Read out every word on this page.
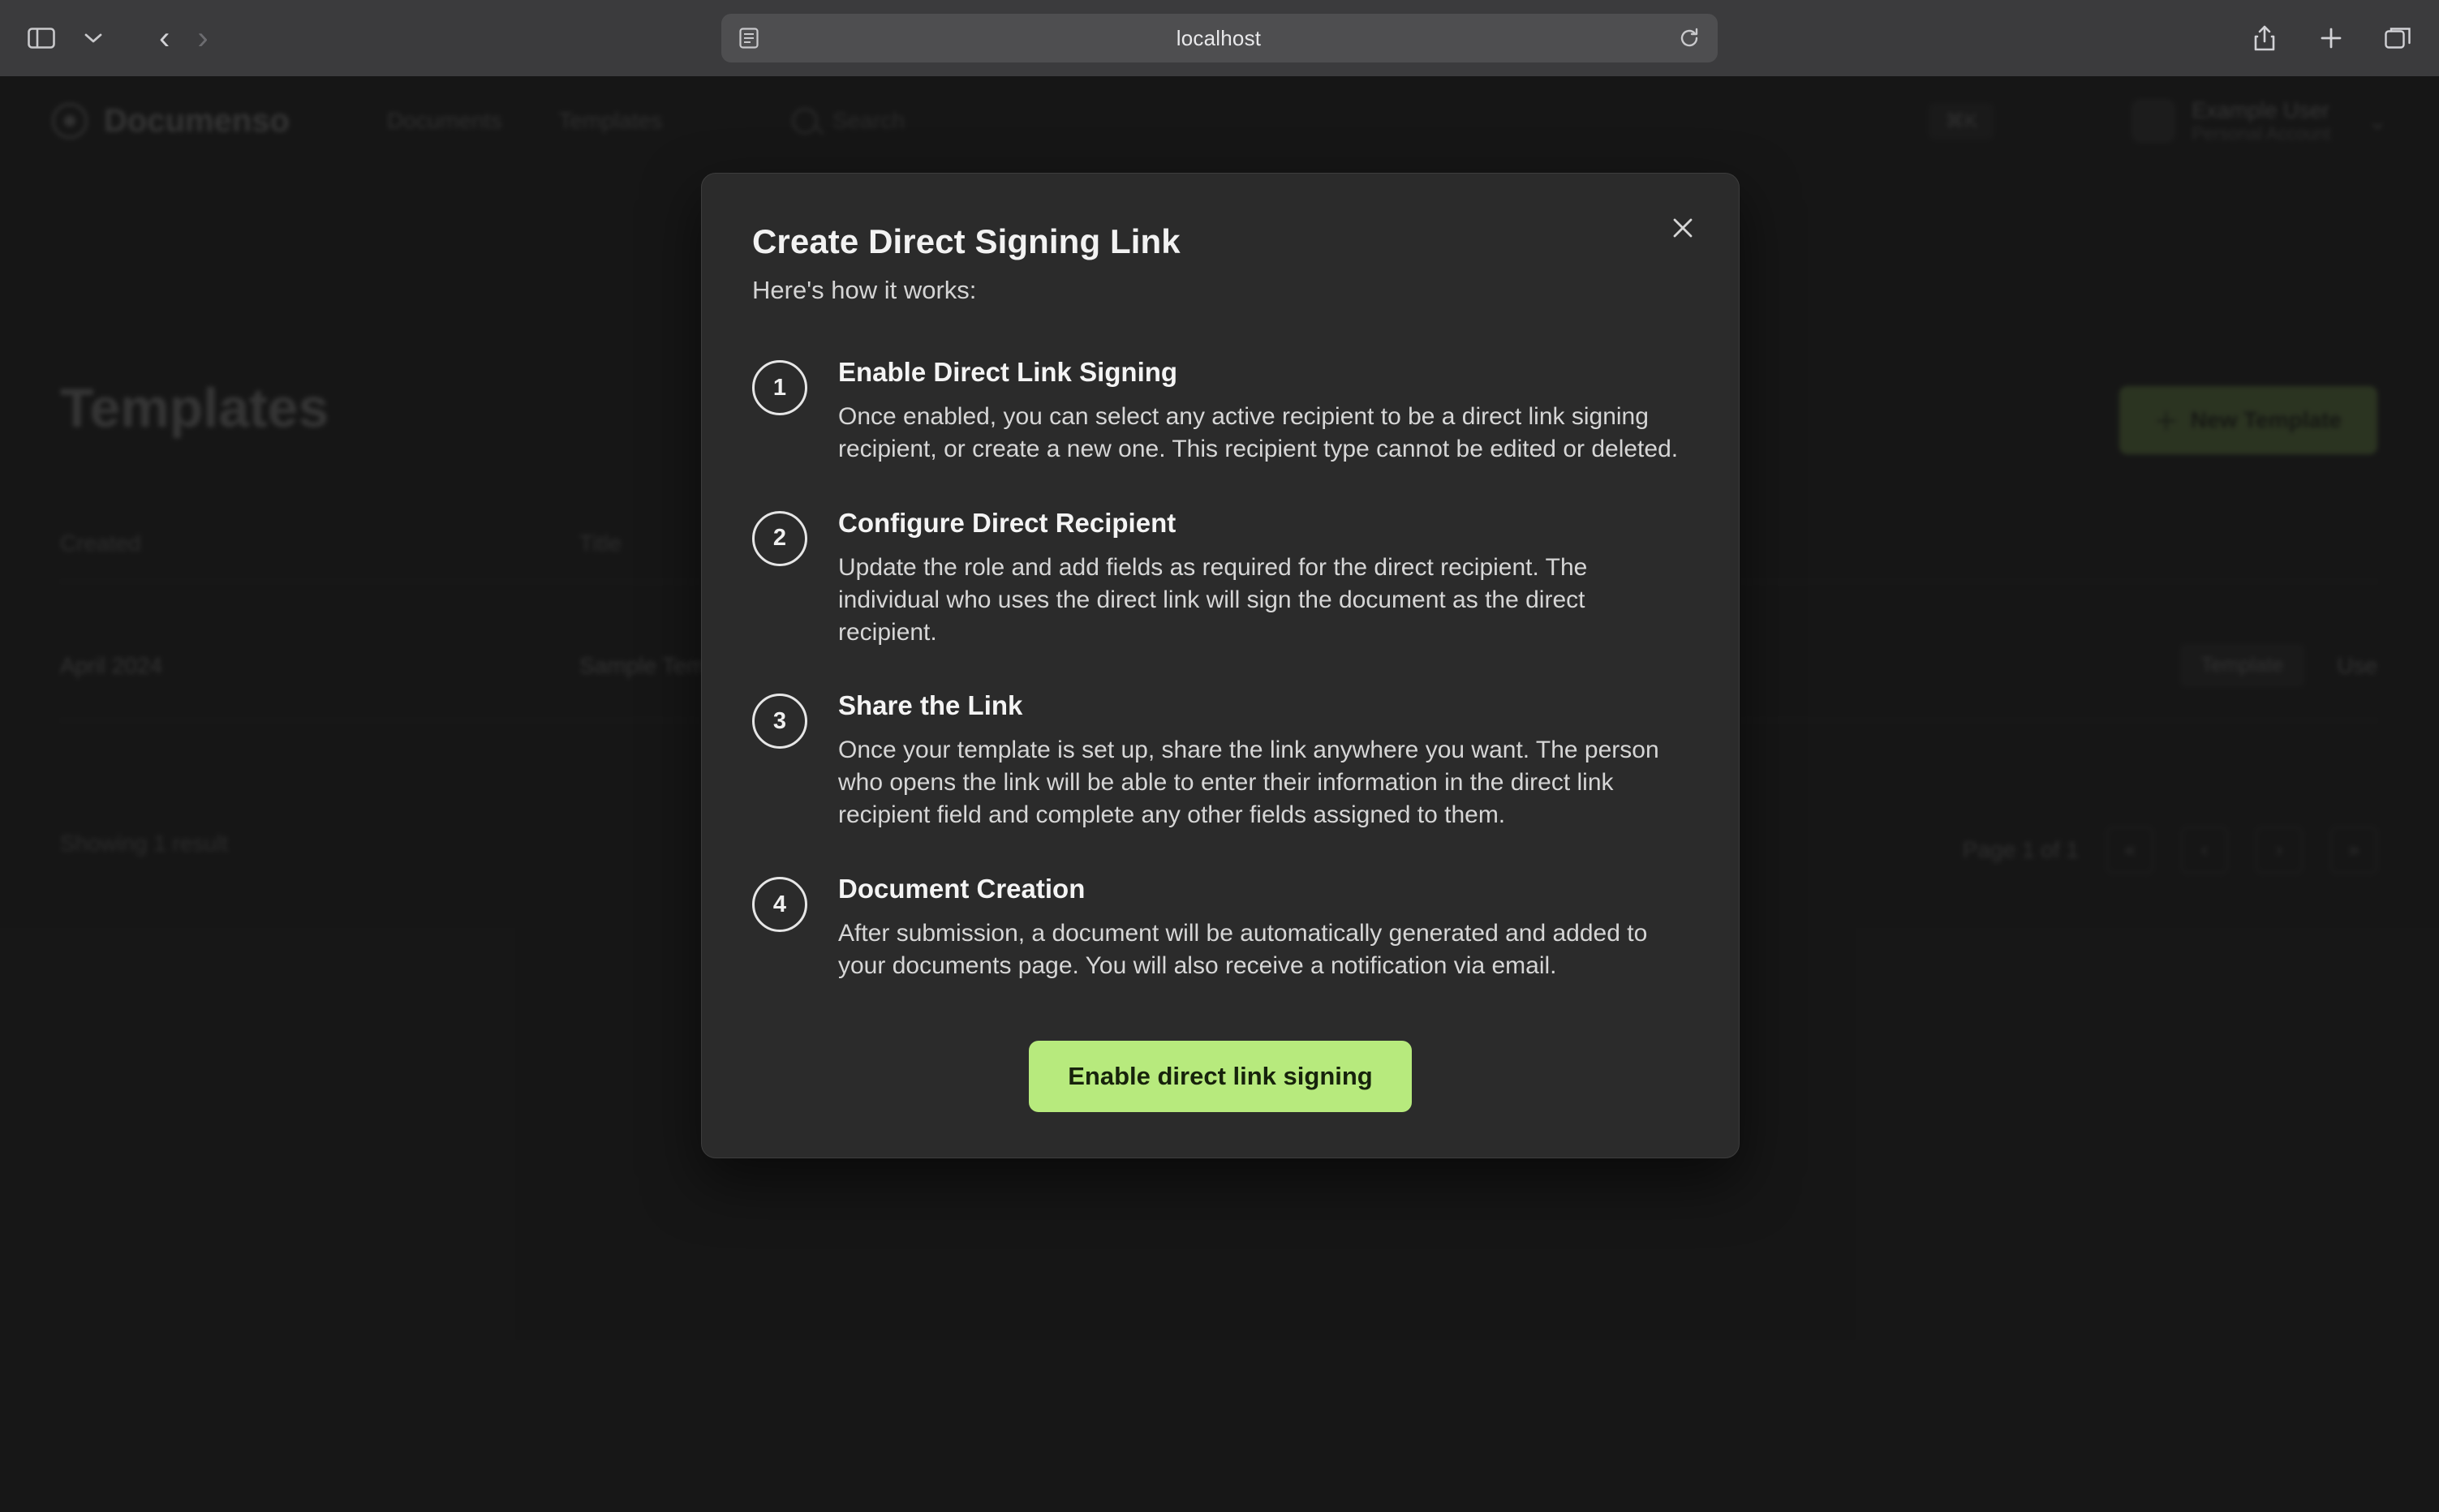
‹ ›	localhost
Create Direct Signing Link

Here's how it works:

1
Enable Direct Link Signing

Once enabled, you can select any active recipient to be a direct link signing recipient, or create a new one. This recipient type cannot be edited or deleted.

2
Configure Direct Recipient

Update the role and add fields as required for the direct recipient. The individual who uses the direct link will sign the document as the direct recipient.

3
Share the Link

Once your template is set up, share the link anywhere you want. The person who opens the link will be able to enter their information in the direct link recipient field and complete any other fields assigned to them.

4
Document Creation

After submission, a document will be automatically generated and added to your documents page. You will also receive a notification via email.

Enable direct link signing
